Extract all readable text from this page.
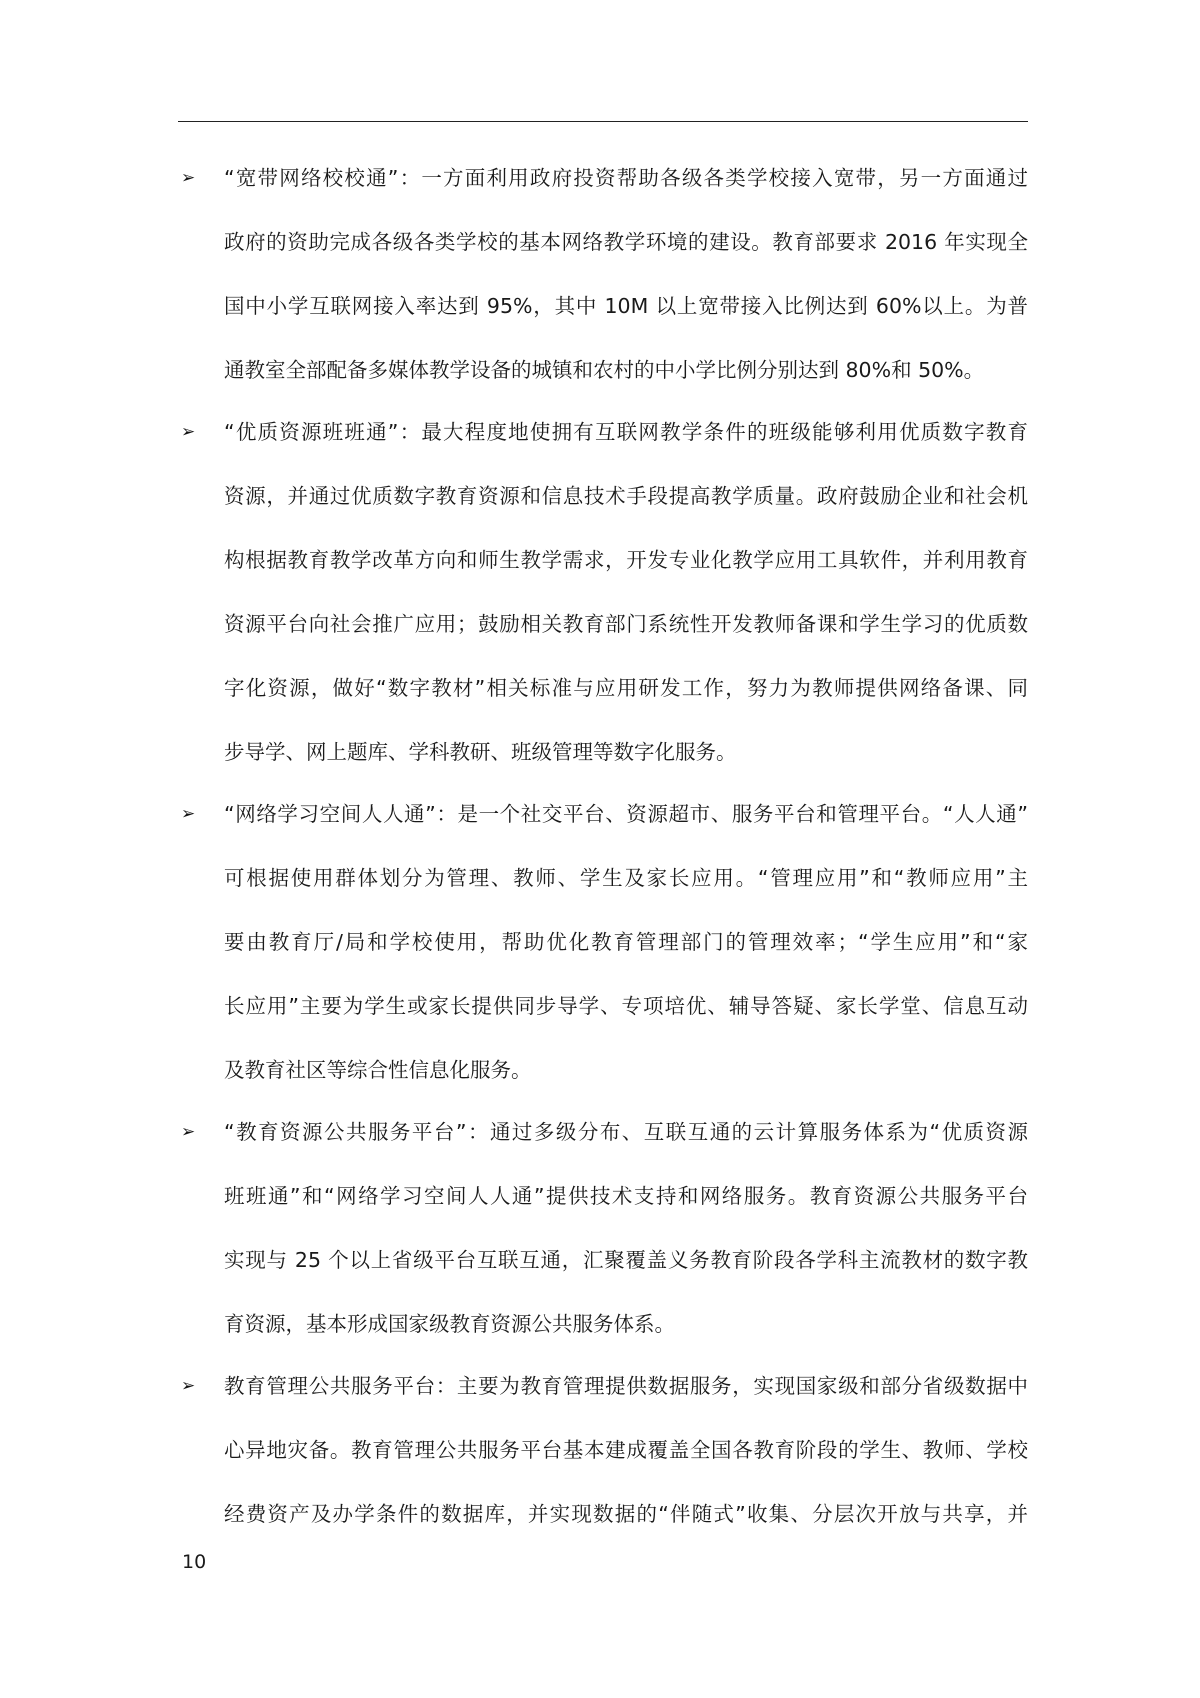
➢ “宽带网络校校通”：一方面利用政府投资帮助各级各类学校接入宽带，另一方面通过
政府的资助完成各级各类学校的基本网络教学环境的建设。教育部要求 2016 年实现全
国中小学互联网接入率达到 95%，其中 10M 以上宽带接入比例达到 60%以上。为普
通教室全部配备多媒体教学设备的城镇和农村的中小学比例分别达到 80%和 50%。
➢ “优质资源班班通”：最大程度地使拥有互联网教学条件的班级能够利用优质数字教育
资源，并通过优质数字教育资源和信息技术手段提高教学质量。政府鼓励企业和社会机
构根据教育教学改革方向和师生教学需求，开发专业化教学应用工具软件，并利用教育
资源平台向社会推广应用；鼓励相关教育部门系统性开发教师备课和学生学习的优质数
字化资源，做好“数字教材”相关标准与应用研发工作，努力为教师提供网络备课、同
步导学、网上题库、学科教研、班级管理等数字化服务。
➢ “网络学习空间人人通”：是一个社交平台、资源超市、服务平台和管理平台。“人人通”
可根据使用群体划分为管理、教师、学生及家长应用。“管理应用”和“教师应用”主
要由教育厅/局和学校使用，帮助优化教育管理部门的管理效率；“学生应用”和“家
长应用”主要为学生或家长提供同步导学、专项培优、辅导答疑、家长学堂、信息互动
及教育社区等综合性信息化服务。
➢ “教育资源公共服务平台”：通过多级分布、互联互通的云计算服务体系为“优质资源
班班通”和“网络学习空间人人通”提供技术支持和网络服务。教育资源公共服务平台
实现与 25 个以上省级平台互联互通，汇聚覆盖义务教育阶段各学科主流教材的数字教
育资源，基本形成国家级教育资源公共服务体系。
➢ 教育管理公共服务平台：主要为教育管理提供数据服务，实现国家级和部分省级数据中
心异地灾备。教育管理公共服务平台基本建成覆盖全国各教育阶段的学生、教师、学校
经费资产及办学条件的数据库，并实现数据的“伴随式”收集、分层次开放与共享，并
10
